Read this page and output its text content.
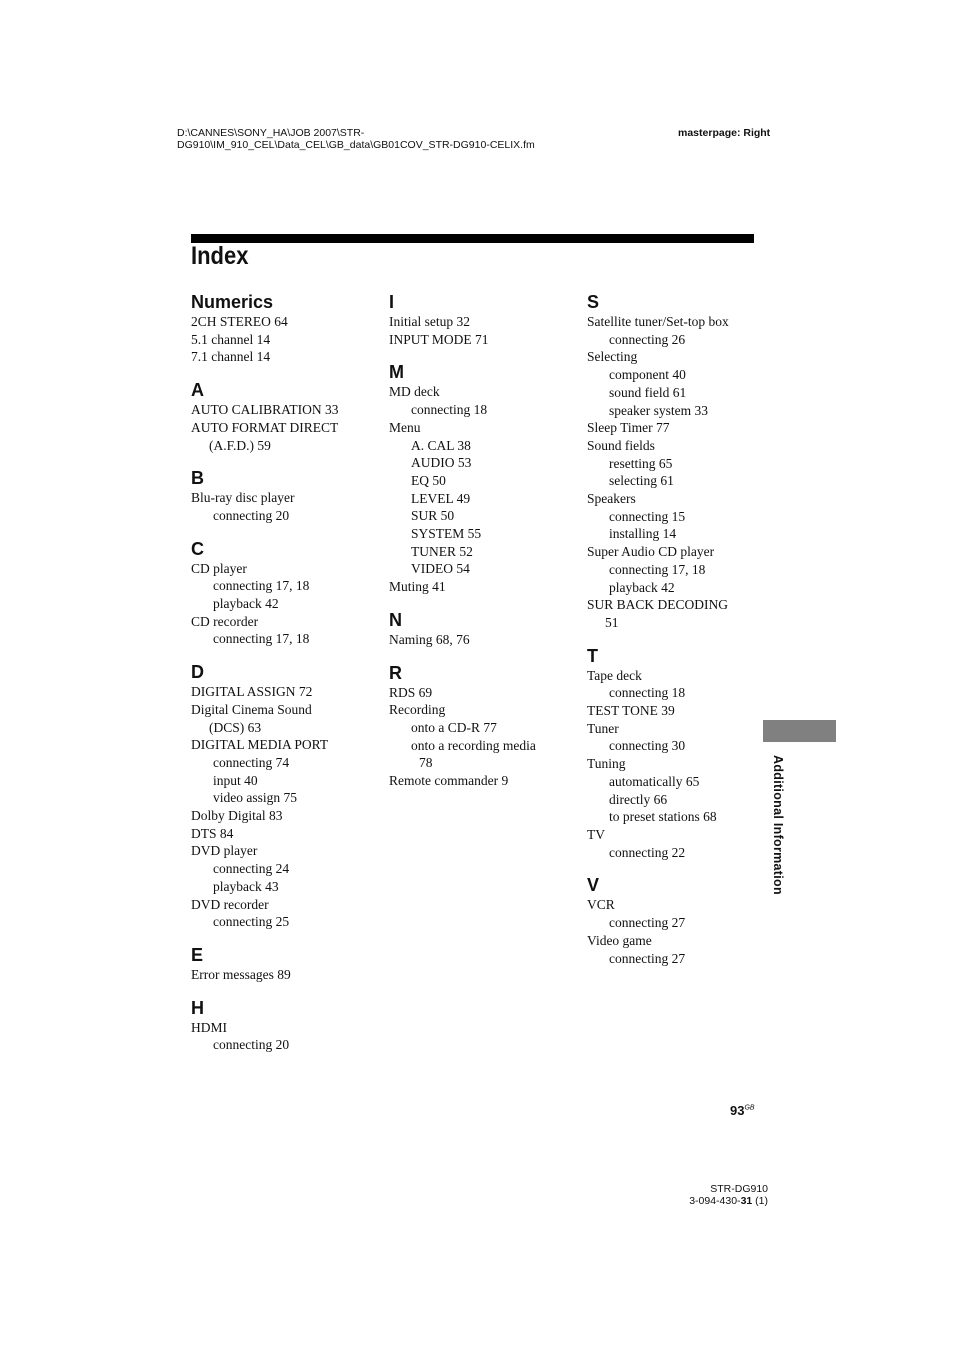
D:\CANNES\SONY_HA\JOB 2007\STR-
DG910\IM_910_CEL\Data_CEL\GB_data\GB01COV_STR-DG910-CELIX.fm
masterpage: Right
Index
Numerics
2CH STEREO 64
5.1 channel 14
7.1 channel 14
A
AUTO CALIBRATION 33
AUTO FORMAT DIRECT
(A.F.D.) 59
B
Blu-ray disc player
connecting 20
C
CD player
connecting 17, 18
playback 42
CD recorder
connecting 17, 18
D
DIGITAL ASSIGN 72
Digital Cinema Sound
(DCS) 63
DIGITAL MEDIA PORT
connecting 74
input 40
video assign 75
Dolby Digital 83
DTS 84
DVD player
connecting 24
playback 43
DVD recorder
connecting 25
E
Error messages 89
H
HDMI
connecting 20
I
Initial setup 32
INPUT MODE 71
M
MD deck
connecting 18
Menu
A. CAL 38
AUDIO 53
EQ 50
LEVEL 49
SUR 50
SYSTEM 55
TUNER 52
VIDEO 54
Muting 41
N
Naming 68, 76
R
RDS 69
Recording
onto a CD-R 77
onto a recording media
78
Remote commander 9
S
Satellite tuner/Set-top box
connecting 26
Selecting
component 40
sound field 61
speaker system 33
Sleep Timer 77
Sound fields
resetting 65
selecting 61
Speakers
connecting 15
installing 14
Super Audio CD player
connecting 17, 18
playback 42
SUR BACK DECODING
51
T
Tape deck
connecting 18
TEST TONE 39
Tuner
connecting 30
Tuning
automatically 65
directly 66
to preset stations 68
TV
connecting 22
V
VCR
connecting 27
Video game
connecting 27
Additional Information
$93^{GB}$
STR-DG910
3-094-430-31 (1)
